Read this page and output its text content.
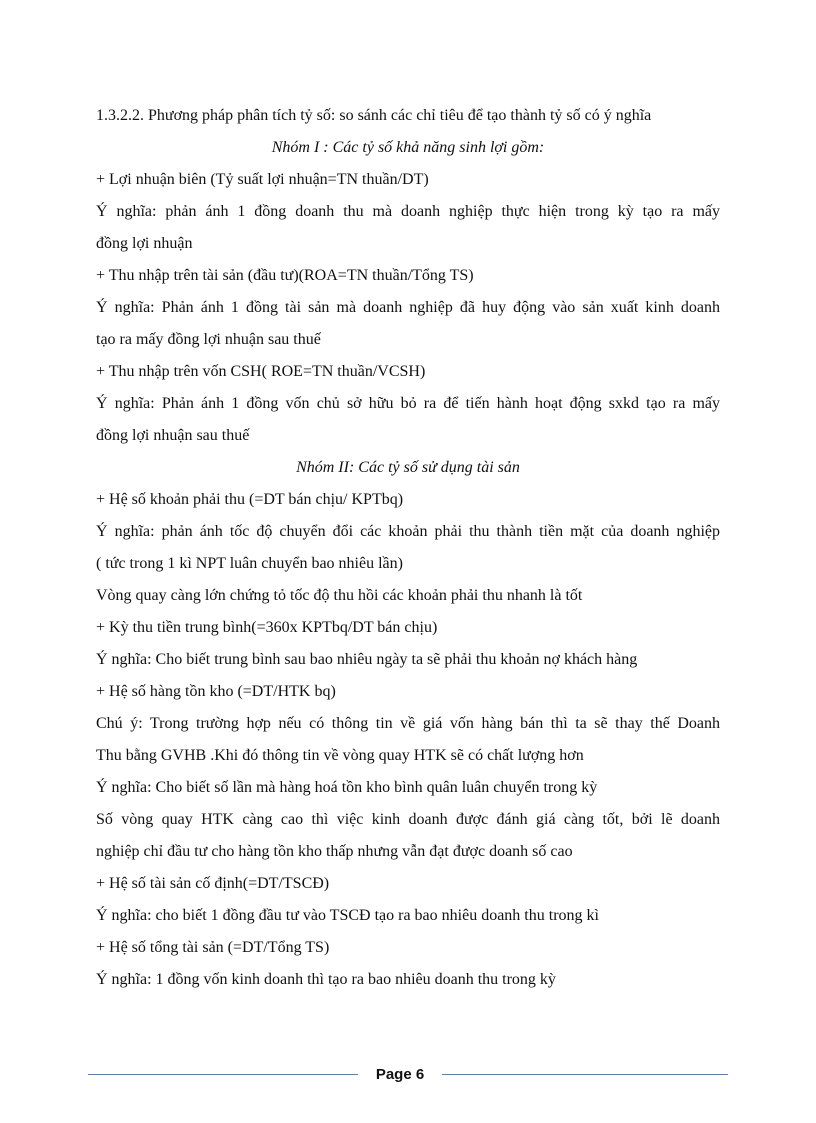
1.3.2.2. Phương pháp phân tích tỷ số: so sánh các chỉ tiêu để tạo thành tỷ số có ý nghĩa
Nhóm I : Các tỷ số khả năng sinh lợi gồm:
+ Lợi nhuận biên (Tỷ suất lợi nhuận=TN thuần/DT)
Ý nghĩa: phản ánh 1 đồng doanh thu mà doanh nghiệp thực hiện trong kỳ tạo ra mấy
đồng lợi nhuận
+ Thu nhập trên tài sản (đầu tư)(ROA=TN thuần/Tổng TS)
Ý nghĩa: Phản ánh 1 đồng tài sản mà doanh nghiệp đã huy động vào sản xuất kinh doanh
tạo ra mấy đồng lợi nhuận sau thuế
+ Thu nhập trên vốn CSH( ROE=TN thuần/VCSH)
Ý nghĩa: Phản ánh 1 đồng vốn chủ sở hữu bỏ ra để tiến hành hoạt động sxkd tạo ra mấy
đồng lợi nhuận sau thuế
Nhóm II: Các tỷ số sử dụng tài sản
+ Hệ số khoản phải thu (=DT bán chịu/ KPTbq)
Ý nghĩa: phản ánh tốc độ chuyển đổi các khoản phải thu thành tiền mặt của doanh nghiệp
( tức trong 1 kì NPT luân chuyển bao nhiêu lần)
Vòng quay càng lớn chứng tỏ tốc độ thu hồi các khoản phải thu nhanh là tốt
+ Kỳ thu tiền trung bình(=360x KPTbq/DT bán chịu)
Ý nghĩa: Cho biết trung bình sau bao nhiêu ngày ta sẽ phải thu khoản nợ khách hàng
+ Hệ số hàng tồn kho (=DT/HTK bq)
Chú ý: Trong trường hợp nếu có thông tin về giá vốn hàng bán thì ta sẽ thay thế Doanh
Thu bằng GVHB .Khi đó thông tin về vòng quay HTK sẽ có chất lượng hơn
Ý nghĩa: Cho biết số lần mà hàng hoá tồn kho bình quân luân chuyển trong kỳ
Số vòng quay HTK càng cao thì việc kinh doanh được đánh giá càng tốt, bởi lẽ doanh
nghiệp chỉ đầu tư cho hàng tồn kho thấp nhưng vẫn đạt được doanh số cao
+ Hệ số tài sản cố định(=DT/TSCĐ)
Ý nghĩa: cho biết 1 đồng đầu tư vào TSCĐ tạo ra bao nhiêu doanh thu trong kì
+ Hệ số tổng tài sản (=DT/Tổng TS)
Ý nghĩa: 1 đồng vốn kinh doanh thì tạo ra bao nhiêu doanh thu trong kỳ
Page 6
